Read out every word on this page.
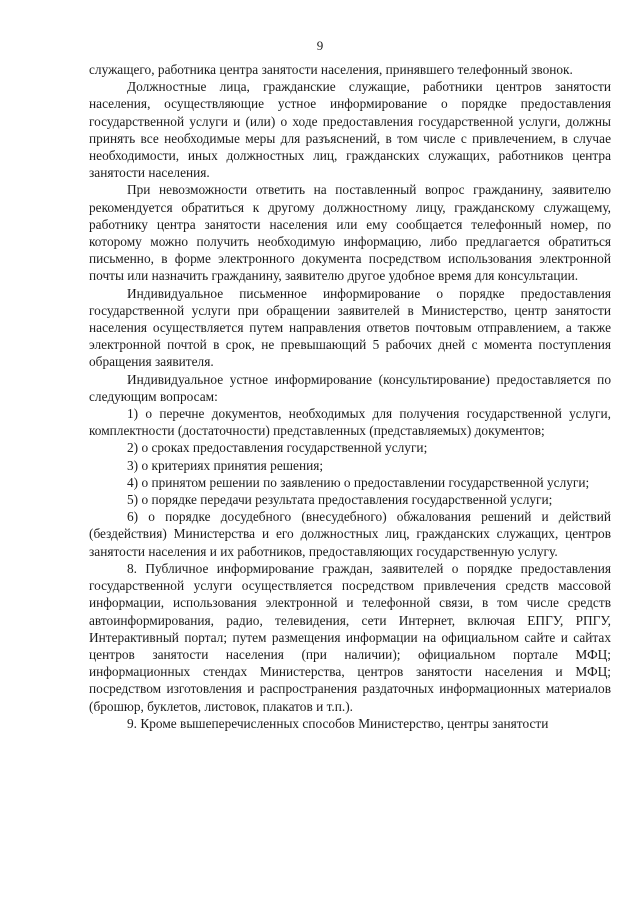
9

служащего, работника центра занятости населения, принявшего телефонный звонок.

Должностные лица, гражданские служащие, работники центров занятости населения, осуществляющие устное информирование о порядке предоставления государственной услуги и (или) о ходе предоставления государственной услуги, должны принять все необходимые меры для разъяснений, в том числе с привлечением, в случае необходимости, иных должностных лиц, гражданских служащих, работников центра занятости населения.

При невозможности ответить на поставленный вопрос гражданину, заявителю рекомендуется обратиться к другому должностному лицу, гражданскому служащему, работнику центра занятости населения или ему сообщается телефонный номер, по которому можно получить необходимую информацию, либо предлагается обратиться письменно, в форме электронного документа посредством использования электронной почты или назначить гражданину, заявителю другое удобное время для консультации.

Индивидуальное письменное информирование о порядке предоставления государственной услуги при обращении заявителей в Министерство, центр занятости населения осуществляется путем направления ответов почтовым отправлением, а также электронной почтой в срок, не превышающий 5 рабочих дней с момента поступления обращения заявителя.

Индивидуальное устное информирование (консультирование) предоставляется по следующим вопросам:

1) о перечне документов, необходимых для получения государственной услуги, комплектности (достаточности) представленных (представляемых) документов;

2) о сроках предоставления государственной услуги;

3) о критериях принятия решения;

4) о принятом решении по заявлению о предоставлении государственной услуги;

5) о порядке передачи результата предоставления государственной услуги;

6) о порядке досудебного (внесудебного) обжалования решений и действий (бездействия) Министерства и его должностных лиц, гражданских служащих, центров занятости населения и их работников, предоставляющих государственную услугу.

8. Публичное информирование граждан, заявителей о порядке предоставления государственной услуги осуществляется посредством привлечения средств массовой информации, использования электронной и телефонной связи, в том числе средств автоинформирования, радио, телевидения, сети Интернет, включая ЕПГУ, РПГУ, Интерактивный портал; путем размещения информации на официальном сайте и сайтах центров занятости населения (при наличии); официальном портале МФЦ; информационных стендах Министерства, центров занятости населения и МФЦ; посредством изготовления и распространения раздаточных информационных материалов (брошюр, буклетов, листовок, плакатов и т.п.).

9. Кроме вышеперечисленных способов Министерство, центры занятости
